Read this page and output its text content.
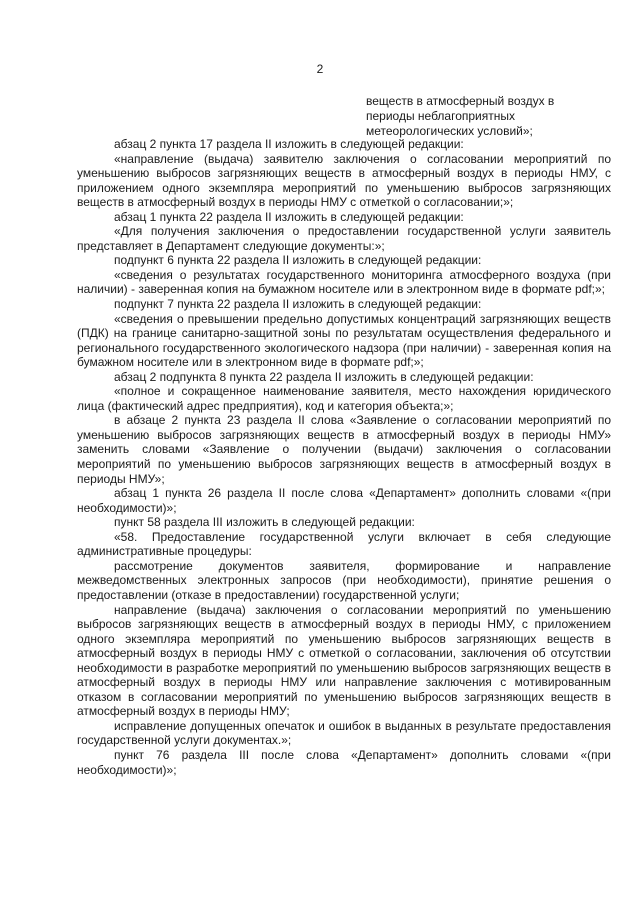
2
веществ в атмосферный воздух в периоды неблагоприятных метеорологических условий»;

абзац 2 пункта 17 раздела II изложить в следующей редакции:

«направление (выдача) заявителю заключения о согласовании мероприятий по уменьшению выбросов загрязняющих веществ в атмосферный воздух в периоды НМУ, с приложением одного экземпляра мероприятий по уменьшению выбросов загрязняющих веществ в атмосферный воздух в периоды НМУ с отметкой о согласовании;»;

абзац 1 пункта 22 раздела II изложить в следующей редакции:

«Для получения заключения о предоставлении государственной услуги заявитель представляет в Департамент следующие документы:»;

подпункт 6 пункта 22 раздела II изложить в следующей редакции:

«сведения о результатах государственного мониторинга атмосферного воздуха (при наличии) - заверенная копия на бумажном носителе или в электронном виде в формате pdf;»;

подпункт 7 пункта 22 раздела II изложить в следующей редакции:

«сведения о превышении предельно допустимых концентраций загрязняющих веществ (ПДК) на границе санитарно-защитной зоны по результатам осуществления федерального и регионального государственного экологического надзора (при наличии) - заверенная копия на бумажном носителе или в электронном виде в формате pdf;»;

абзац 2 подпункта 8 пункта 22 раздела II изложить в следующей редакции:

«полное и сокращенное наименование заявителя, место нахождения юридического лица (фактический адрес предприятия), код и категория объекта;»;

в абзаце 2 пункта 23 раздела II слова «Заявление о согласовании мероприятий по уменьшению выбросов загрязняющих веществ в атмосферный воздух в периоды НМУ» заменить словами «Заявление о получении (выдачи) заключения о согласовании мероприятий по уменьшению выбросов загрязняющих веществ в атмосферный воздух в периоды НМУ»;

абзац 1 пункта 26 раздела II после слова «Департамент» дополнить словами «(при необходимости)»;

пункт 58 раздела III изложить в следующей редакции:

«58. Предоставление государственной услуги включает в себя следующие административные процедуры:

рассмотрение документов заявителя, формирование и направление межведомственных электронных запросов (при необходимости), принятие решения о предоставлении (отказе в предоставлении) государственной услуги;

направление (выдача) заключения о согласовании мероприятий по уменьшению выбросов загрязняющих веществ в атмосферный воздух в периоды НМУ, с приложением одного экземпляра мероприятий по уменьшению выбросов загрязняющих веществ в атмосферный воздух в периоды НМУ с отметкой о согласовании, заключения об отсутствии необходимости в разработке мероприятий по уменьшению выбросов загрязняющих веществ в атмосферный воздух в периоды НМУ или направление заключения с мотивированным отказом в согласовании мероприятий по уменьшению выбросов загрязняющих веществ в атмосферный воздух в периоды НМУ;

исправление допущенных опечаток и ошибок в выданных в результате предоставления государственной услуги документах.»;

пункт 76 раздела III после слова «Департамент» дополнить словами «(при необходимости)»;
